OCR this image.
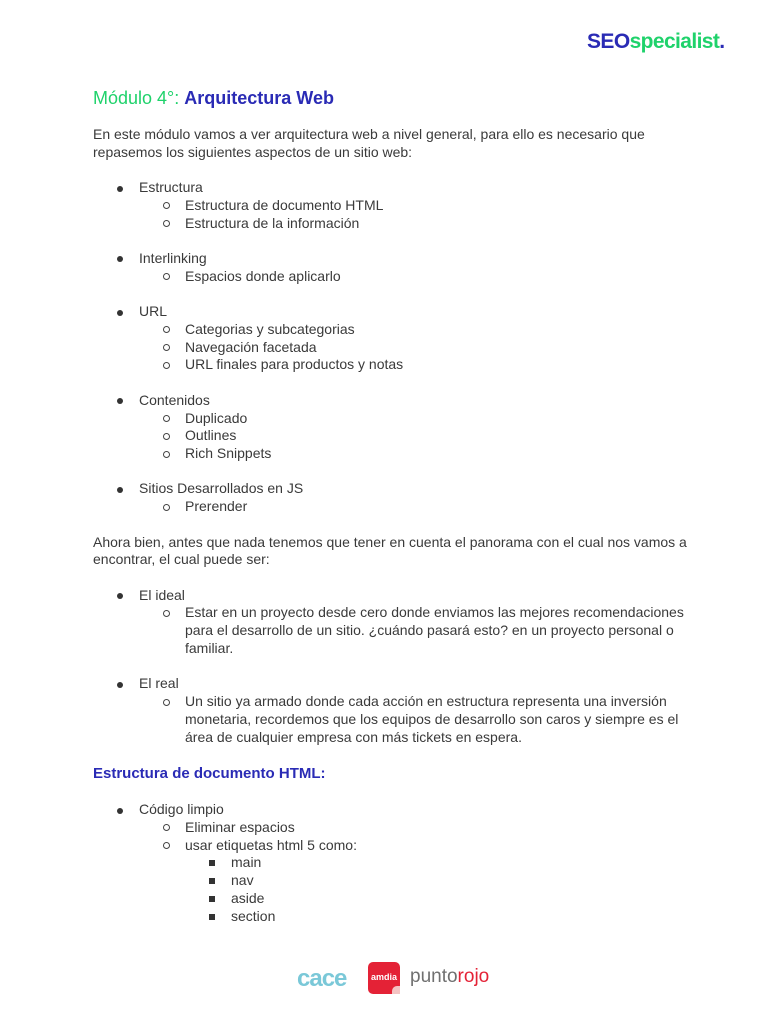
SEOspecialist.
Módulo 4°: Arquitectura Web

En este módulo vamos a ver arquitectura web a nivel general, para ello es necesario que repasemos los siguientes aspectos de un sitio web:

Estructura
Estructura de documento HTML
Estructura de la información
Interlinking
Espacios donde aplicarlo
URL
Categorias y subcategorias
Navegación facetada
URL finales para productos y notas
Contenidos
Duplicado
Outlines
Rich Snippets
Sitios Desarrollados en JS
Prerender

Ahora bien, antes que nada tenemos que tener en cuenta el panorama con el cual nos vamos a encontrar, el cual puede ser:

El ideal
Estar en un proyecto desde cero donde enviamos las mejores recomendaciones para el desarrollo de un sitio. ¿cuándo pasará esto? en un proyecto personal o familiar.
El real
Un sitio ya armado donde cada acción en estructura representa una inversión monetaria, recordemos que los equipos de desarrollo son caros y siempre es el área de cualquier empresa con más tickets en espera.
Estructura de documento HTML:
Código limpio
Eliminar espacios
usar etiquetas html 5 como:
main
nav
aside
section
cace	amdia puntorojo
